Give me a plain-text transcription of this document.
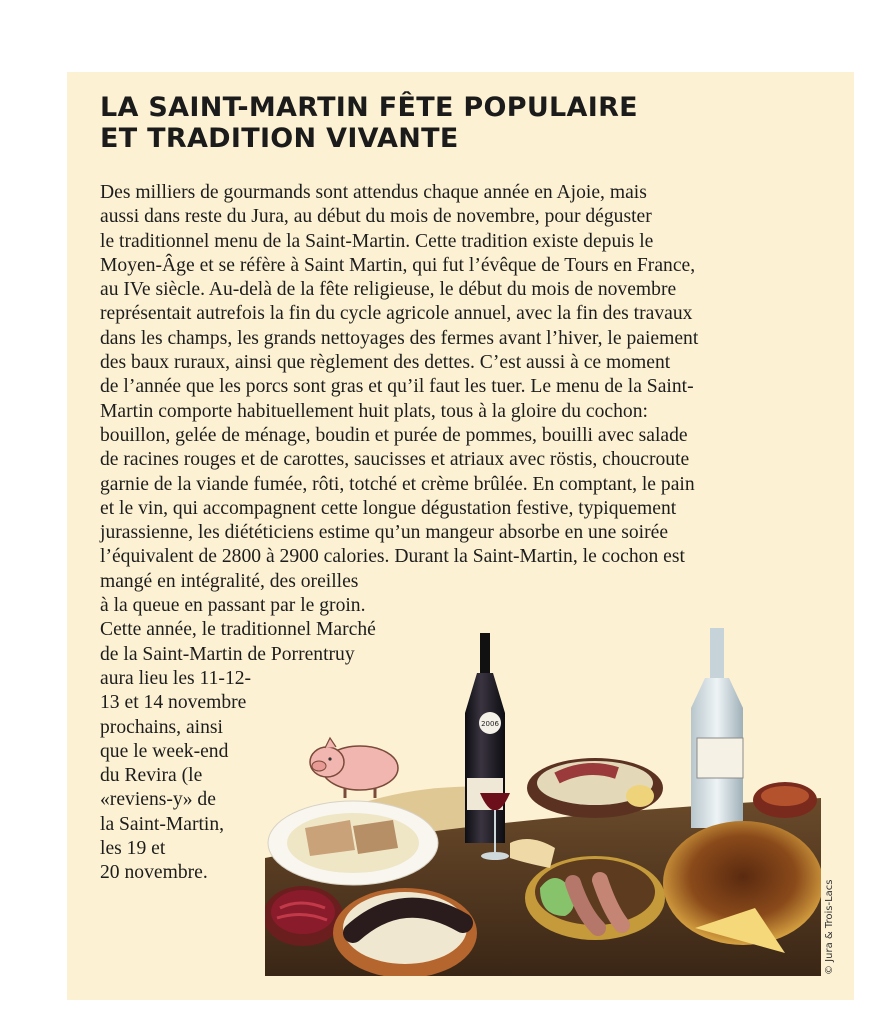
LA SAINT-MARTIN FÊTE POPULAIRE
ET TRADITION VIVANTE
Des milliers de gourmands sont attendus chaque année en Ajoie, mais
aussi dans reste du Jura, au début du mois de novembre, pour déguster
le traditionnel menu de la Saint-Martin. Cette tradition existe depuis le
Moyen-Âge et se réfère à Saint Martin, qui fut l’évêque de Tours en France,
au IVe siècle. Au-delà de la fête religieuse, le début du mois de novembre
représentait autrefois la fin du cycle agricole annuel, avec la fin des travaux
dans les champs, les grands nettoyages des fermes avant l’hiver, le paiement
des baux ruraux, ainsi que règlement des dettes. C’est aussi à ce moment
de l’année que les porcs sont gras et qu’il faut les tuer. Le menu de la Saint-
Martin comporte habituellement huit plats, tous à la gloire du cochon:
bouillon, gelée de ménage, boudin et purée de pommes, bouilli avec salade
de racines rouges et de carottes, saucisses et atriaux avec röstis, choucroute
garnie de la viande fumée, rôti, totché et crème brûlée. En comptant, le pain
et le vin, qui accompagnent cette longue dégustation festive, typiquement
jurassienne, les diététiciens estime qu’un mangeur absorbe en une soirée
l’équivalent de 2800 à 2900 calories. Durant la Saint-Martin, le cochon est
mangé en intégralité, des oreilles
à la queue en passant par le groin.
Cette année, le traditionnel Marché
de la Saint-Martin de Porrentruy
aura lieu les 11-12-
13 et 14 novembre
prochains, ainsi
que le week-end
du Revira (le
«reviens-y» de
la Saint-Martin,
les 19 et
20 novembre.
2006
© Jura & Trois-Lacs
